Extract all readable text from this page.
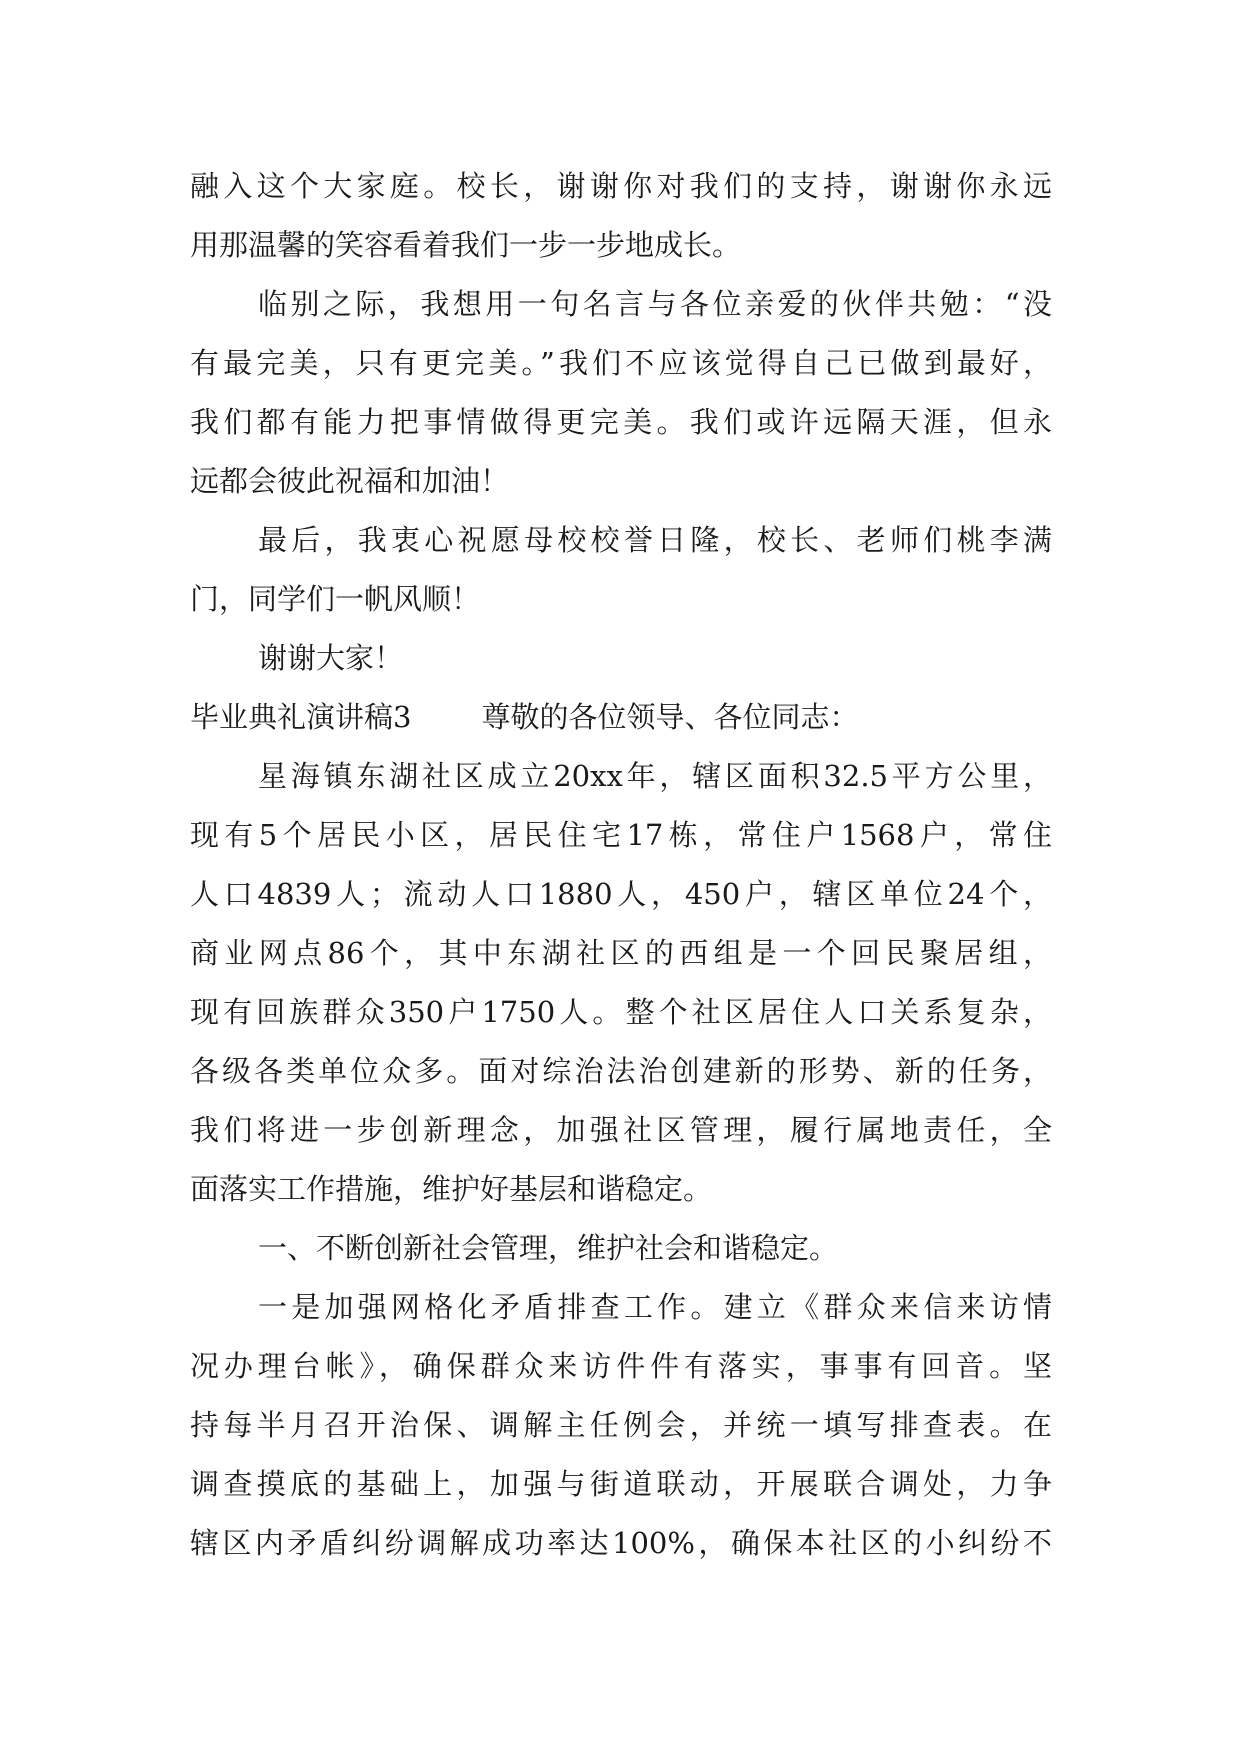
融入这个大家庭。校长，谢谢你对我们的支持，谢谢你永远
用那温馨的笑容看着我们一步一步地成长。
临别之际，我想用一句名言与各位亲爱的伙伴共勉：“没
有最完美，只有更完美。”我们不应该觉得自己已做到最好，
我们都有能力把事情做得更完美。我们或许远隔天涯，但永
远都会彼此祝福和加油！
最后，我衷心祝愿母校校誉日隆，校长、老师们桃李满
门，同学们一帆风顺！
谢谢大家！
毕业典礼演讲稿3 尊敬的各位领导、各位同志：
星海镇东湖社区成立20xx年，辖区面积32.5平方公里，
现有5个居民小区，居民住宅17栋，常住户1568户，常住
人口4839人；流动人口1880人，450户，辖区单位24个，
商业网点86个，其中东湖社区的西组是一个回民聚居组，
现有回族群众350户1750人。整个社区居住人口关系复杂，
各级各类单位众多。面对综治法治创建新的形势、新的任务，
我们将进一步创新理念，加强社区管理，履行属地责任，全
面落实工作措施，维护好基层和谐稳定。
一、不断创新社会管理，维护社会和谐稳定。
一是加强网格化矛盾排查工作。建立《群众来信来访情
况办理台帐》，确保群众来访件件有落实，事事有回音。坚
持每半月召开治保、调解主任例会，并统一填写排查表。在
调查摸底的基础上，加强与街道联动，开展联合调处，力争
辖区内矛盾纠纷调解成功率达100%，确保本社区的小纠纷不
